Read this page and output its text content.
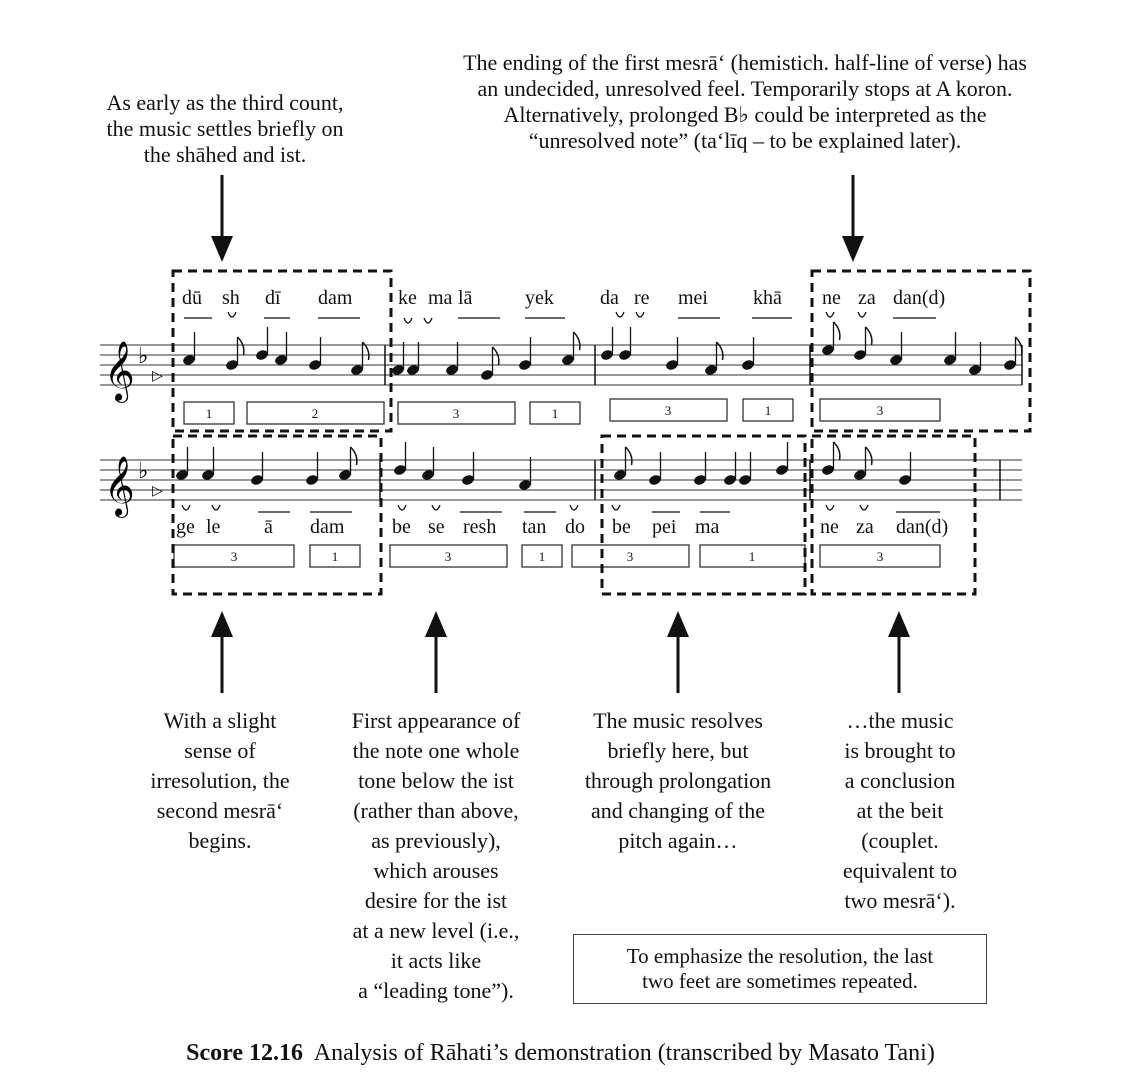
𝄞 ♭
▷
𝄞 ♭
▷
dū sh dī dam ke ma lā	yek da re mei khā ne za dan(d)
ge le ā dam be se resh tan do be pei ma	ne za dan(d)
1	2	3	1	3	1	3
3	1	3	1	3	1	3
As early as the third count,
the music settles briefly on
the shāhed and ist.
The ending of the first mesrā‘ (hemistich. half-line of verse) has
an undecided, unresolved feel. Temporarily stops at A koron.
Alternatively, prolonged B♭ could be interpreted as the
“unresolved note” (ta‘līq – to be explained later).
With a slight
sense of
irresolution, the
second mesrā‘
begins.
First appearance of
the note one whole
tone below the ist
(rather than above,
as previously),
which arouses
desire for the ist
at a new level (i.e.,
it acts like
a “leading tone”).
The music resolves
briefly here, but
through prolongation
and changing of the
pitch again…
…the music
is brought to
a conclusion
at the beit
(couplet.
equivalent to
two mesrā‘).
To emphasize the resolution, the last
two feet are sometimes repeated.
Score 12.16 Analysis of Rāhati’s demonstration (transcribed by Masato Tani)
